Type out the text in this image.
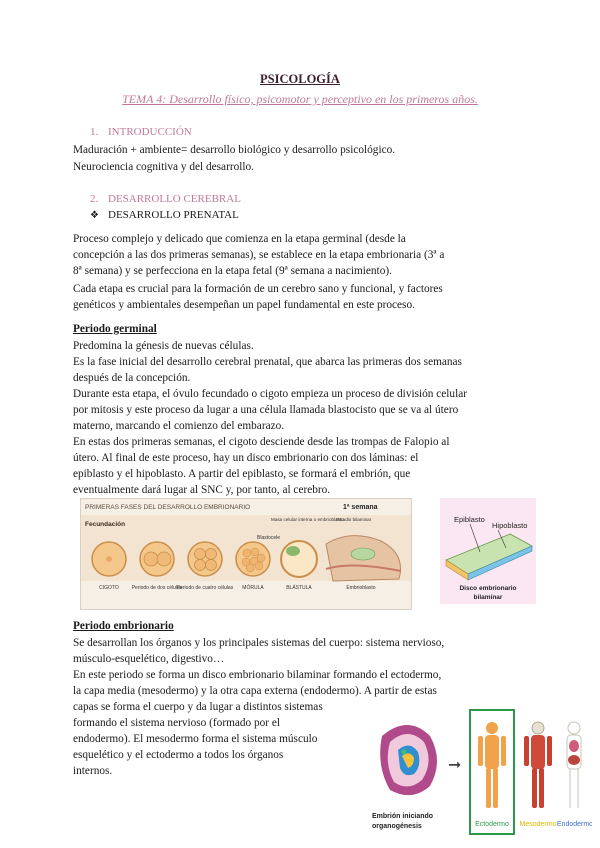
PSICOLOGÍA
TEMA 4: Desarrollo físico, psicomotor y perceptivo en los primeros años.
1. INTRODUCCIÓN
Maduración + ambiente= desarrollo biológico y desarrollo psicológico.
Neurociencia cognitiva y del desarrollo.
2. DESARROLLO CEREBRAL
❖ DESARROLLO PRENATAL
Proceso complejo y delicado que comienza en la etapa germinal (desde la
concepción a las dos primeras semanas), se establece en la etapa embrionaria (3ª a
8ª semana) y se perfecciona en la etapa fetal (9ª semana a nacimiento).
Cada etapa es crucial para la formación de un cerebro sano y funcional, y factores
genéticos y ambientales desempeñan un papel fundamental en este proceso.
Periodo germinal
Predomina la génesis de nuevas células.
Es la fase inicial del desarrollo cerebral prenatal, que abarca las primeras dos semanas
después de la concepción.
Durante esta etapa, el óvulo fecundado o cigoto empieza un proceso de división celular
por mitosis y este proceso da lugar a una célula llamada blastocisto que se va al útero
materno, marcando el comienzo del embarazo.
En estas dos primeras semanas, el cigoto desciende desde las trompas de Falopio al
útero. Al final de este proceso, hay un disco embrionario con dos láminas: el
epiblasto y el hipoblasto. A partir del epiblasto, se formará el embrión, que
eventualmente dará lugar al SNC y, por tanto, al cerebro.
PRIMERAS FASES DEL DESARROLLO EMBRIONARIO	1ª semana
Fecundación
Masa celular interna o embrioblasto
Estadio bilaminar
Blastocele
CIGOTO	Periodo de dos células
Periodo de cuatro células MÓRULA	BLÁSTULA	Embrioblasto
Epiblasto
Hipoblasto
Disco embrionario
bilaminar
Periodo embrionario
Se desarrollan los órganos y los principales sistemas del cuerpo: sistema nervioso,
músculo-esquelético, digestivo…
En este periodo se forma un disco embrionario bilaminar formando el ectodermo,
la capa media (mesodermo) y la otra capa externa (endodermo). A partir de estas
capas se forma el cuerpo y da lugar a distintos sistemas
formando el sistema nervioso (formado por el
endodermo). El mesodermo forma el sistema músculo
esquelético y el ectodermo a todos los órganos
internos.
Embrión iniciando
organogénesis
➞
Ectodermo Mesodermo Endodermo
